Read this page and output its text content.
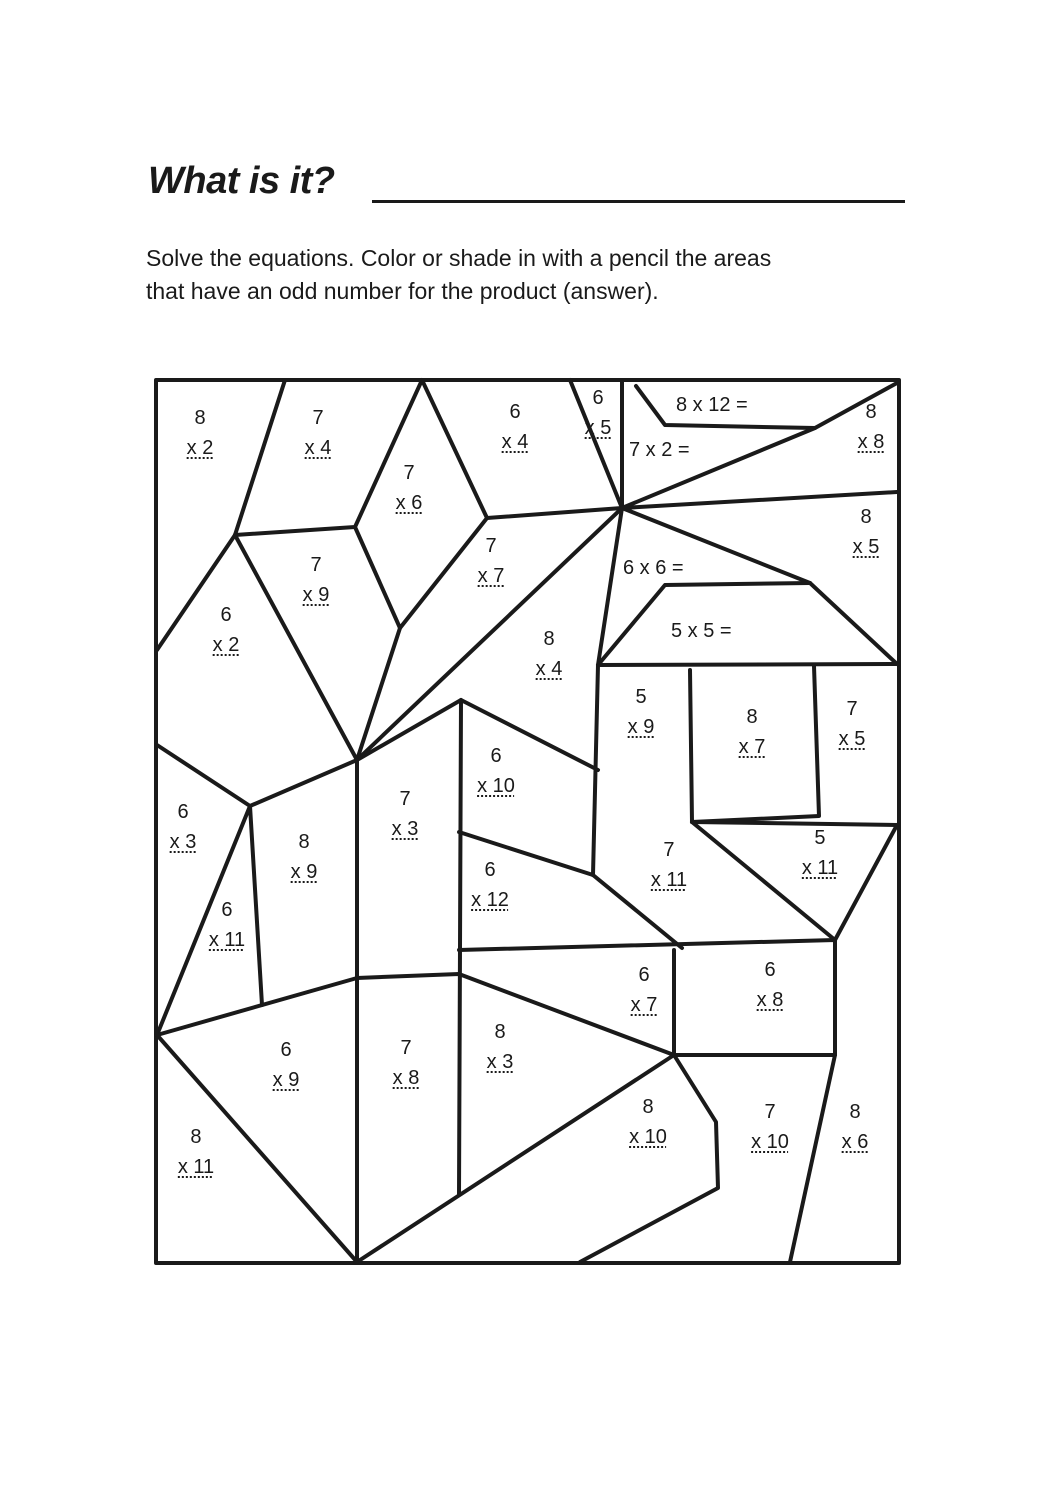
What is it?

Solve the equations. Color or shade in with a pencil the areas
that have an odd number for the product (answer).

8
x 2
7
x 4
7
x 6
6
x 4
6
x 5
8
x 8
7
x 9
7
x 7
8
x 5
6
x 2	8
x 4
5
x 9	8
x 7
7
x 5
6
x 10
6
x 3
7
x 3
8
x 9
7
x 11
5
x 11
6
x 12
6
x 11
6
x 7
6
x 8
6
x 9
7
x 8
8
x 3
8
x 10
7
x 10
8
x 6
8
x 11
8 x 12 =
7 x 2 =
6 x 6 =
5 x 5 =
